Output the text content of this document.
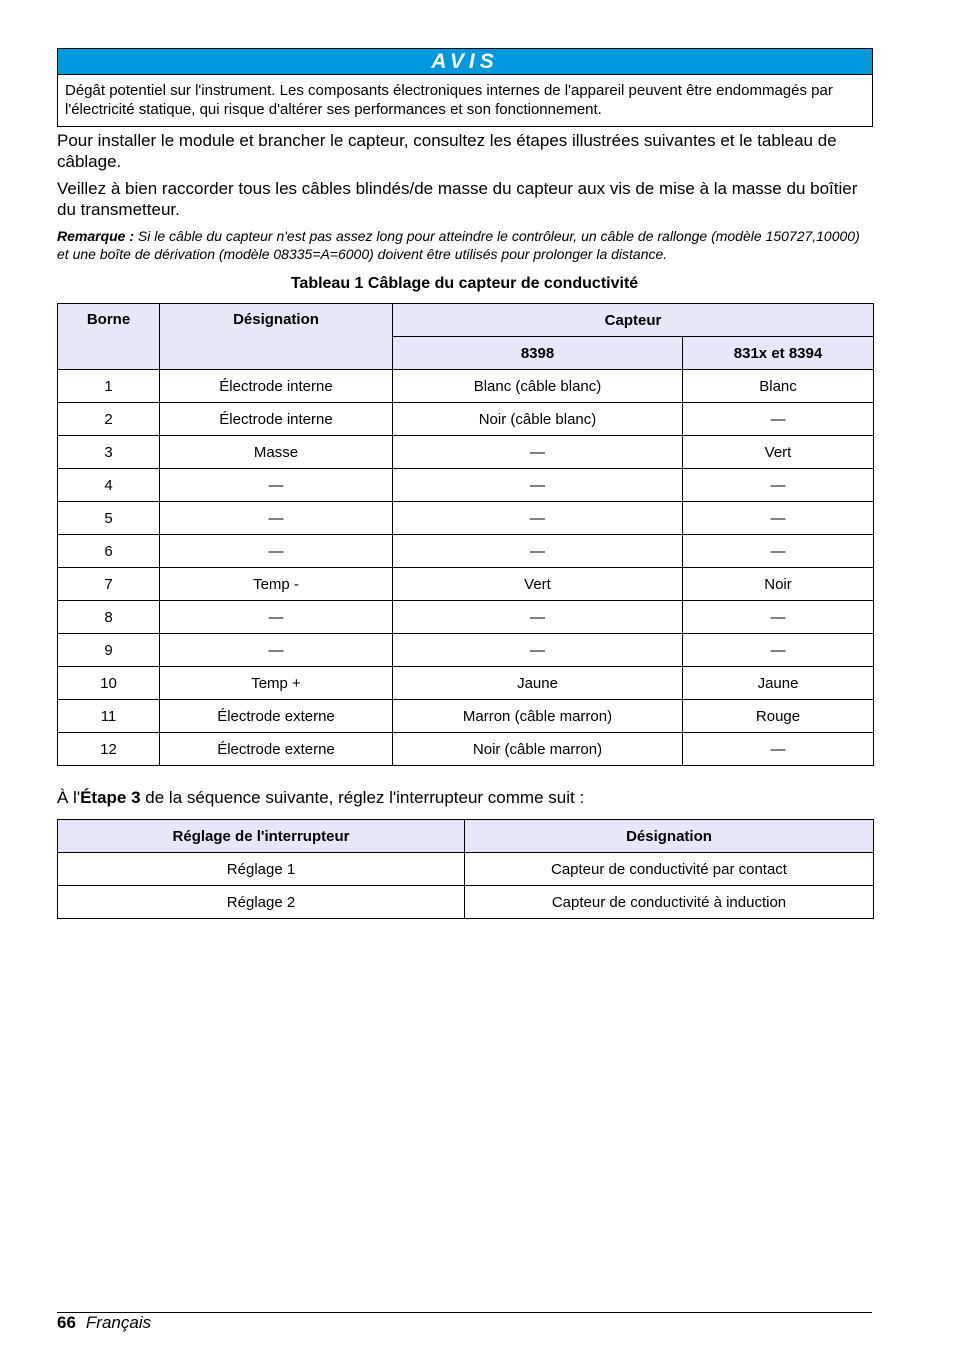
AVIS
Dégât potentiel sur l'instrument. Les composants électroniques internes de l'appareil peuvent être endommagés par l'électricité statique, qui risque d'altérer ses performances et son fonctionnement.
Pour installer le module et brancher le capteur, consultez les étapes illustrées suivantes et le tableau de câblage.
Veillez à bien raccorder tous les câbles blindés/de masse du capteur aux vis de mise à la masse du boîtier du transmetteur.
Remarque : Si le câble du capteur n'est pas assez long pour atteindre le contrôleur, un câble de rallonge (modèle 150727,10000) et une boîte de dérivation (modèle 08335=A=6000) doivent être utilisés pour prolonger la distance.
Tableau 1 Câblage du capteur de conductivité
Borne	Désignation	Capteur	
		8398	831x et 8394
1	Électrode interne	Blanc (câble blanc)	Blanc
2	Électrode interne	Noir (câble blanc)	—
3	Masse	—	Vert
4	—	—	—
5	—	—	—
6	—	—	—
7	Temp -	Vert	Noir
8	—	—	—
9	—	—	—
10	Temp +	Jaune	Jaune
11	Électrode externe	Marron (câble marron)	Rouge
12	Électrode externe	Noir (câble marron)	—
À l'Étape 3 de la séquence suivante, réglez l'interrupteur comme suit :
Réglage de l'interrupteur	Désignation
Réglage 1	Capteur de conductivité par contact
Réglage 2	Capteur de conductivité à induction
66 Français
